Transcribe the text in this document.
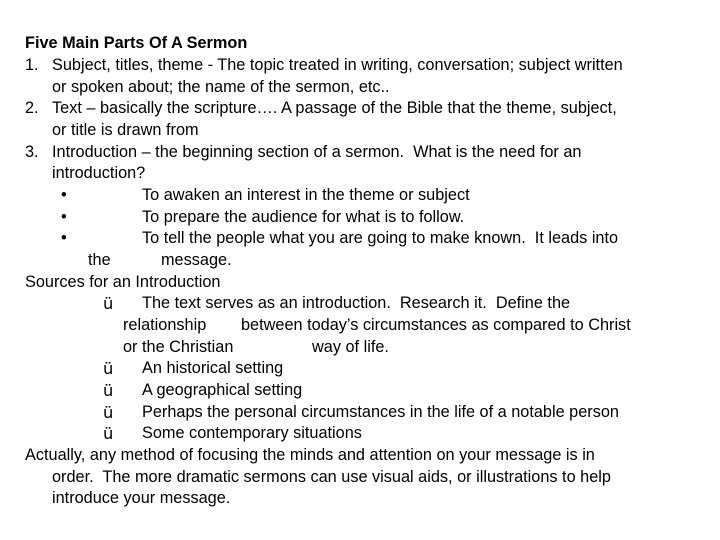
Five Main Parts Of A Sermon
1. Subject, titles, theme - The topic treated in writing, conversation; subject written
or spoken about; the name of the sermon, etc..
2. Text – basically the scripture…. A passage of the Bible that the theme, subject,
or title is drawn from
3. Introduction – the beginning section of a sermon.  What is the need for an
introduction?
•	To awaken an interest in the theme or subject
•	To prepare the audience for what is to follow.
•	To tell the people what you are going to make known.  It leads into
the	message.
Sources for an Introduction
ü The text serves as an introduction.  Research it.  Define the
relationship between today’s circumstances as compared to Christ
or the Christian	way of life.
ü An historical setting
ü A geographical setting
ü Perhaps the personal circumstances in the life of a notable person
ü Some contemporary situations
Actually, any method of focusing the minds and attention on your message is in
order.  The more dramatic sermons can use visual aids, or illustrations to help
introduce your message.
